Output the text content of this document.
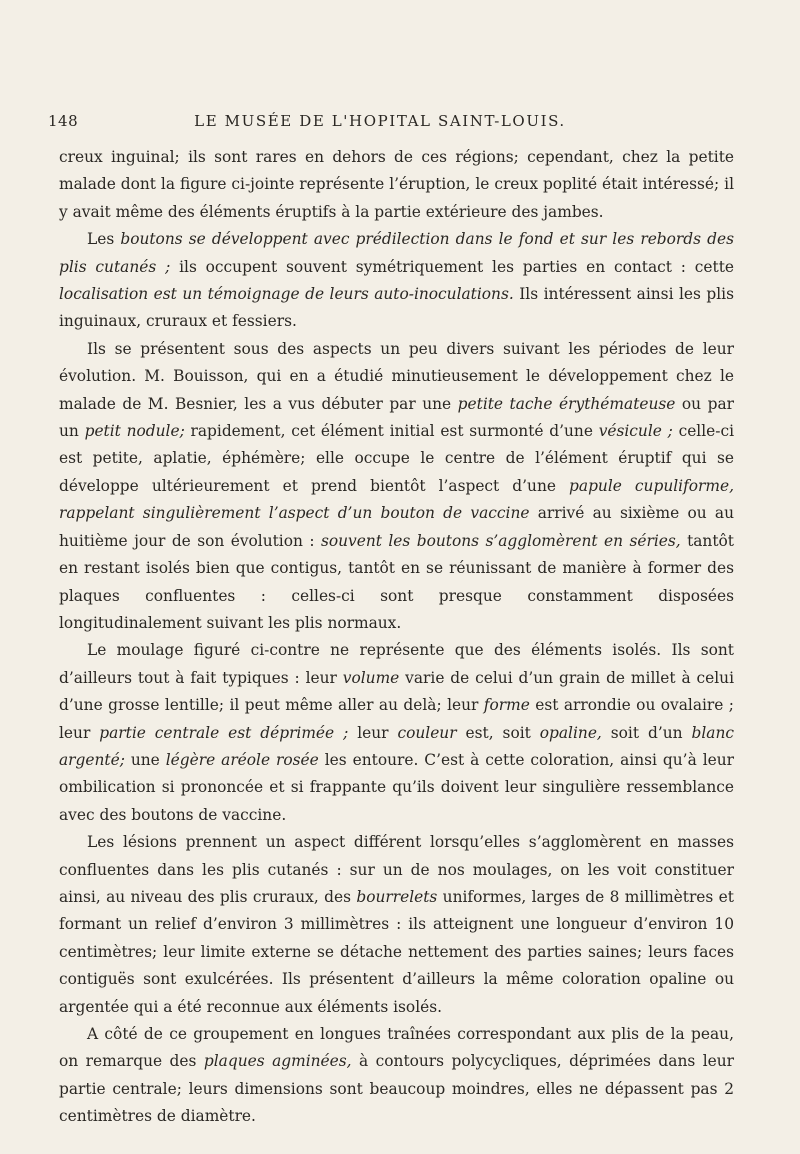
148	LE MUSÉE DE L'HOPITAL SAINT-LOUIS.

creux inguinal; ils sont rares en dehors de ces régions; cependant, chez la petite malade dont la figure ci-jointe représente l’éruption, le creux poplité était intéressé; il y avait même des éléments éruptifs à la partie extérieure des jambes.

Les boutons se développent avec prédilection dans le fond et sur les rebords des plis cutanés ; ils occupent souvent symétriquement les parties en contact : cette localisation est un témoignage de leurs auto-inoculations. Ils intéressent ainsi les plis inguinaux, cruraux et fessiers.

Ils se présentent sous des aspects un peu divers suivant les périodes de leur évolution. M. Bouisson, qui en a étudié minutieusement le développement chez le malade de M. Besnier, les a vus débuter par une petite tache érythémateuse ou par un petit nodule; rapidement, cet élément initial est surmonté d’une vésicule ; celle-ci est petite, aplatie, éphémère; elle occupe le centre de l’élément éruptif qui se développe ultérieurement et prend bientôt l’aspect d’une papule cupuliforme, rappelant singulièrement l’aspect d’un bouton de vaccine arrivé au sixième ou au huitième jour de son évolution : souvent les boutons s’agglomèrent en séries, tantôt en restant isolés bien que contigus, tantôt en se réunissant de manière à former des plaques confluentes : celles-ci sont presque constamment disposées longitudinalement suivant les plis normaux.

Le moulage figuré ci-contre ne représente que des éléments isolés. Ils sont d’ailleurs tout à fait typiques : leur volume varie de celui d’un grain de millet à celui d’une grosse lentille; il peut même aller au delà; leur forme est arrondie ou ovalaire ; leur partie centrale est déprimée ; leur couleur est, soit opaline, soit d’un blanc argenté; une légère aréole rosée les entoure. C’est à cette coloration, ainsi qu’à leur ombilication si prononcée et si frappante qu’ils doivent leur singulière ressemblance avec des boutons de vaccine.

Les lésions prennent un aspect différent lorsqu’elles s’agglomèrent en masses confluentes dans les plis cutanés : sur un de nos moulages, on les voit constituer ainsi, au niveau des plis cruraux, des bourrelets uniformes, larges de 8 millimètres et formant un relief d’environ 3 millimètres : ils atteignent une longueur d’environ 10 centimètres; leur limite externe se détache nettement des parties saines; leurs faces contiguës sont exulcérées. Ils présentent d’ailleurs la même coloration opaline ou argentée qui a été reconnue aux éléments isolés.

A côté de ce groupement en longues traînées correspondant aux plis de la peau, on remarque des plaques agminées, à contours polycycliques, déprimées dans leur partie centrale; leurs dimensions sont beaucoup moindres, elles ne dépassent pas 2 centimètres de diamètre.
